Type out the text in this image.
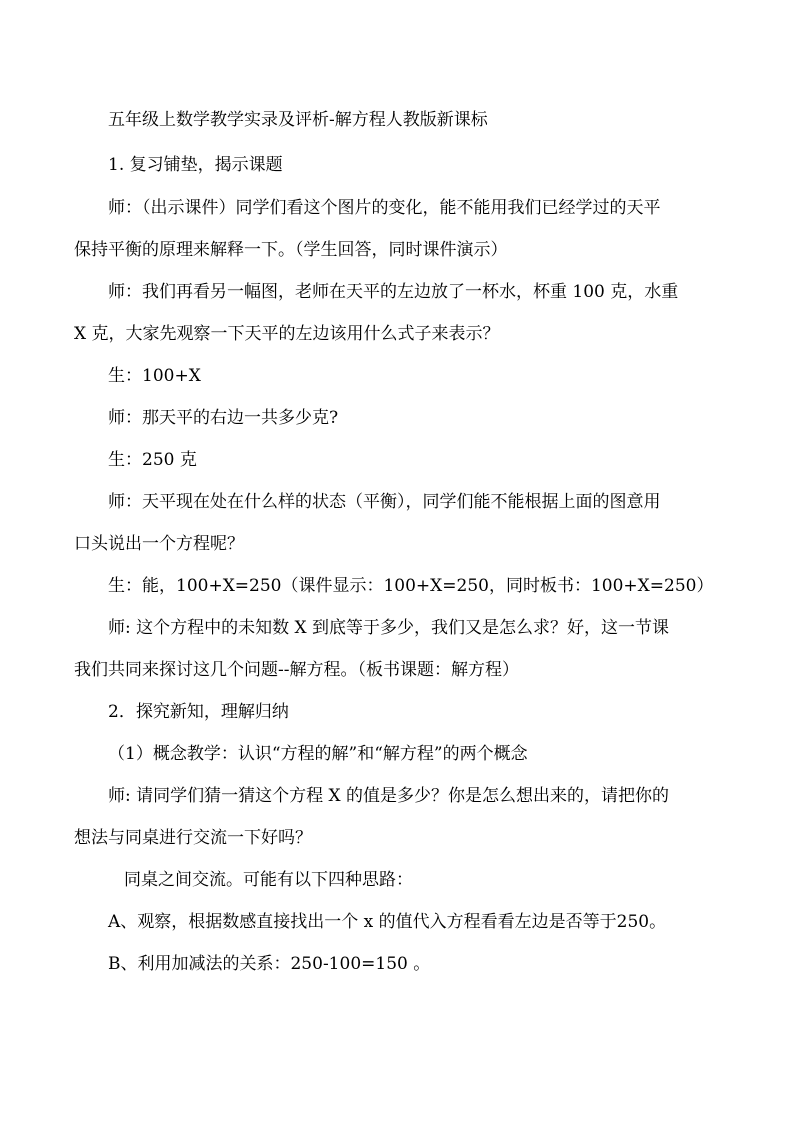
五年级上数学教学实录及评析-解方程人教版新课标
1. 复习铺垫，揭示课题
师：（出示课件）同学们看这个图片的变化，能不能用我们已经学过的天平
保持平衡的原理来解释一下。（学生回答，同时课件演示）
师：我们再看另一幅图，老师在天平的左边放了一杯水，杯重 100 克，水重
X 克，大家先观察一下天平的左边该用什么式子来表示？
生：100+X
师：那天平的右边一共多少克?
生：250 克
师：天平现在处在什么样的状态（平衡），同学们能不能根据上面的图意用
口头说出一个方程呢？
生：能，100+X=250（课件显示：100+X=250，同时板书：100+X=250）
师: 这个方程中的未知数 X 到底等于多少，我们又是怎么求？好，这一节课
我们共同来探讨这几个问题--解方程。（板书课题：解方程）
2．探究新知，理解归纳
（1）概念教学：认识“方程的解”和“解方程”的两个概念
师: 请同学们猜一猜这个方程 X 的值是多少？你是怎么想出来的，请把你的
想法与同桌进行交流一下好吗？
同桌之间交流。可能有以下四种思路：
A、观察，根据数感直接找出一个 x 的值代入方程看看左边是否等于250。
B、利用加减法的关系：250-100=150 。
